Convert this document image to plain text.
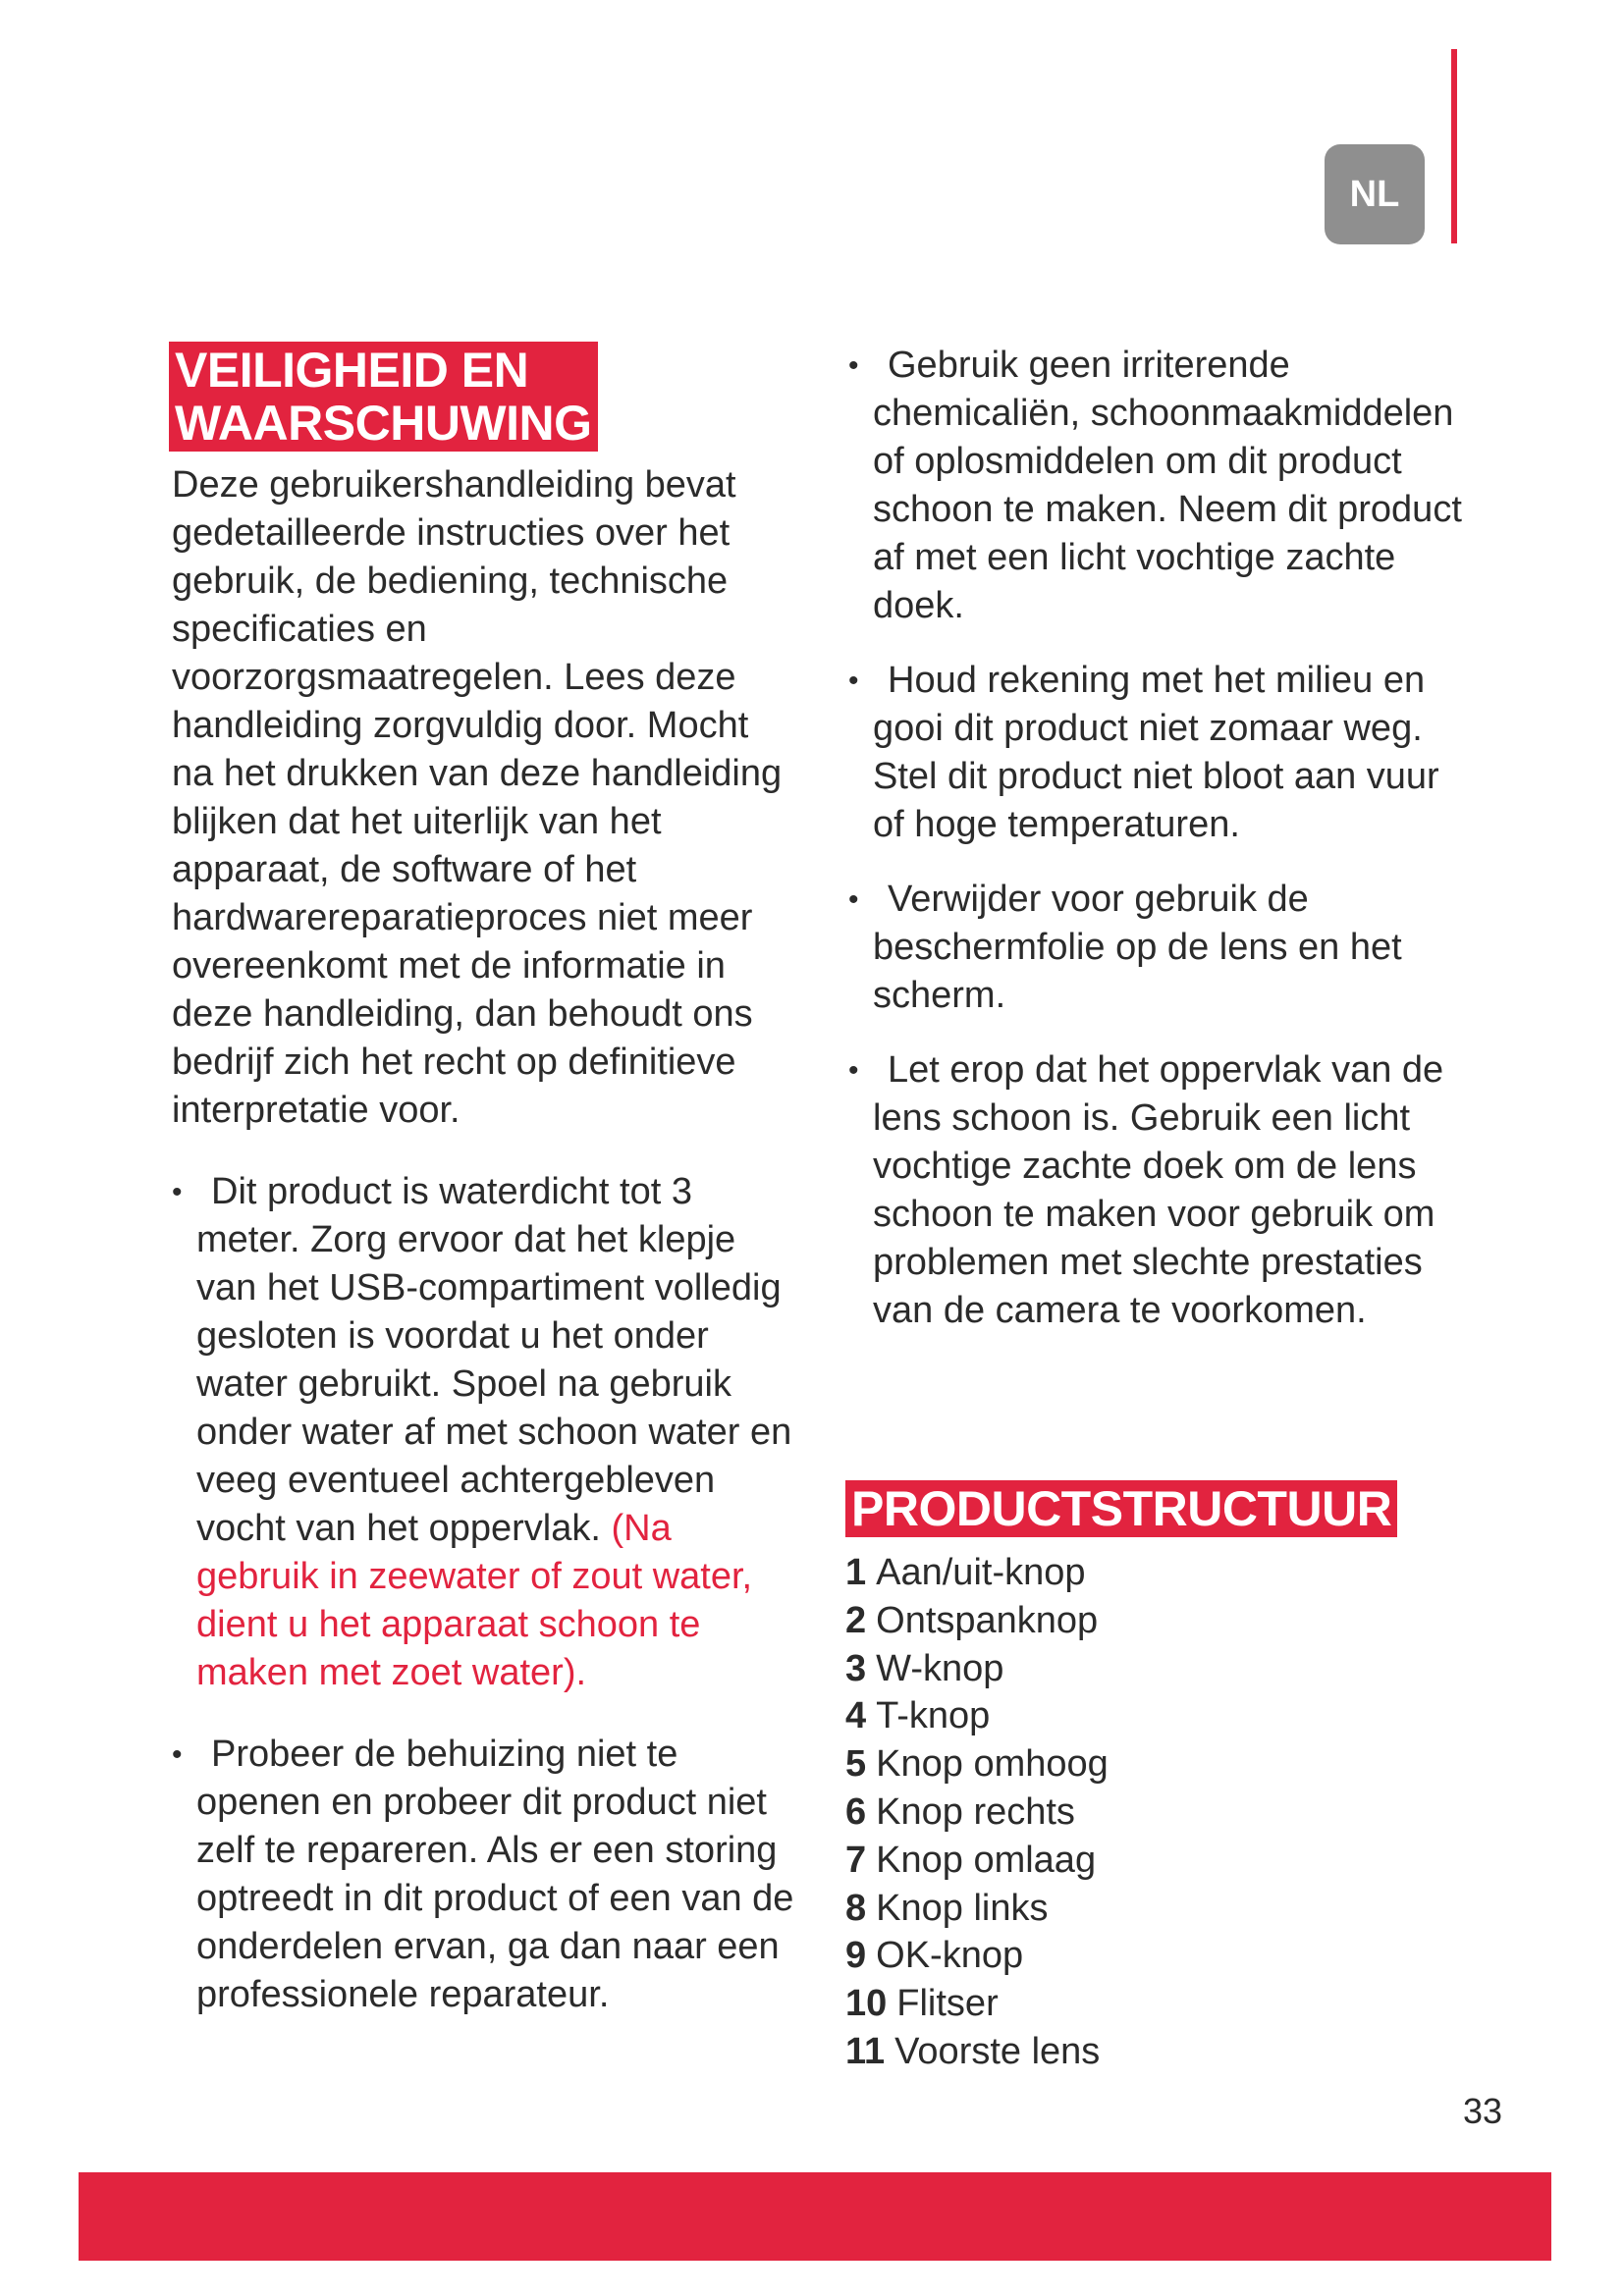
NL
VEILIGHEID EN
WAARSCHUWING

Deze gebruikershandleiding bevat gedetailleerde instructies over het gebruik, de bediening, technische specificaties en voorzorgsmaatregelen. Lees deze handleiding zorgvuldig door. Mocht na het drukken van deze handleiding blijken dat het uiterlijk van het apparaat, de software of het hardwarereparatieproces niet meer overeenkomt met de informatie in deze handleiding, dan behoudt ons bedrijf zich het recht op definitieve interpretatie voor.

• Dit product is waterdicht tot 3 meter. Zorg ervoor dat het klepje van het USB-compartiment volledig gesloten is voordat u het onder water gebruikt. Spoel na gebruik onder water af met schoon water en veeg eventueel achtergebleven vocht van het oppervlak. (Na gebruik in zeewater of zout water, dient u het apparaat schoon te maken met zoet water).
• Probeer de behuizing niet te openen en probeer dit product niet zelf te repareren. Als er een storing optreedt in dit product of een van de onderdelen ervan, ga dan naar een professionele reparateur.
• Gebruik geen irriterende chemicaliën, schoonmaakmiddelen of oplosmiddelen om dit product schoon te maken. Neem dit product af met een licht vochtige zachte doek.
• Houd rekening met het milieu en gooi dit product niet zomaar weg. Stel dit product niet bloot aan vuur of hoge temperaturen.
• Verwijder voor gebruik de beschermfolie op de lens en het scherm.
• Let erop dat het oppervlak van de lens schoon is. Gebruik een licht vochtige zachte doek om de lens schoon te maken voor gebruik om problemen met slechte prestaties van de camera te voorkomen.
PRODUCTSTRUCTUUR
1 Aan/uit-knop
2 Ontspanknop
3 W-knop
4 T-knop
5 Knop omhoog
6 Knop rechts
7 Knop omlaag
8 Knop links
9 OK-knop
10 Flitser
11 Voorste lens
33
